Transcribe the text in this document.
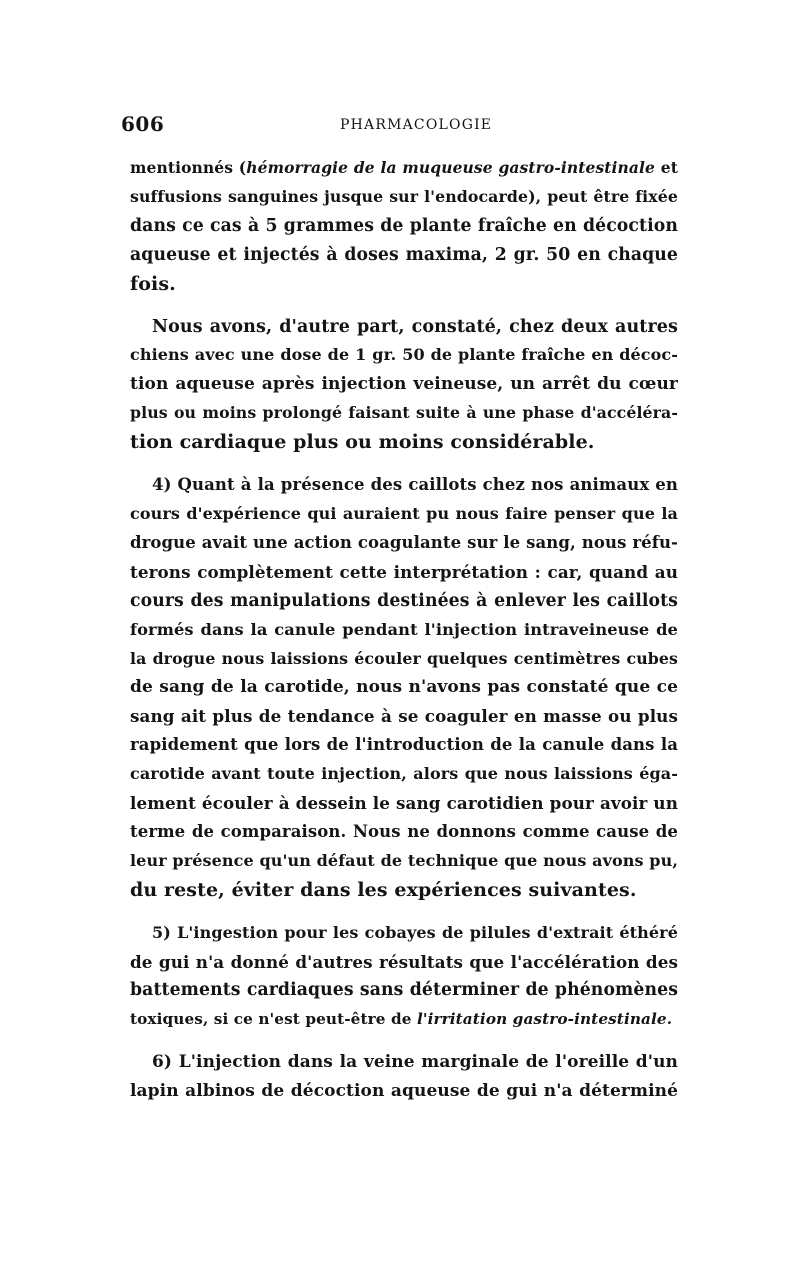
606	PHARMACOLOGIE
mentionnés (hémorragie de la muqueuse gastro-intestinale et
suffusions sanguines jusque sur l'endocarde), peut être fixée
dans ce cas à 5 grammes de plante fraîche en décoction
aqueuse et injectés à doses maxima, 2 gr. 50 en chaque
fois.
Nous avons, d'autre part, constaté, chez deux autres
chiens avec une dose de 1 gr. 50 de plante fraîche en décoc-
tion aqueuse après injection veineuse, un arrêt du cœur
plus ou moins prolongé faisant suite à une phase d'accéléra-
tion cardiaque plus ou moins considérable.
4) Quant à la présence des caillots chez nos animaux en
cours d'expérience qui auraient pu nous faire penser que la
drogue avait une action coagulante sur le sang, nous réfu-
terons complètement cette interprétation : car, quand au
cours des manipulations destinées à enlever les caillots
formés dans la canule pendant l'injection intraveineuse de
la drogue nous laissions écouler quelques centimètres cubes
de sang de la carotide, nous n'avons pas constaté que ce
sang ait plus de tendance à se coaguler en masse ou plus
rapidement que lors de l'introduction de la canule dans la
carotide avant toute injection, alors que nous laissions éga-
lement écouler à dessein le sang carotidien pour avoir un
terme de comparaison. Nous ne donnons comme cause de
leur présence qu'un défaut de technique que nous avons pu,
du reste, éviter dans les expériences suivantes.
5) L'ingestion pour les cobayes de pilules d'extrait éthéré
de gui n'a donné d'autres résultats que l'accélération des
battements cardiaques sans déterminer de phénomènes
toxiques, si ce n'est peut-être de l'irritation gastro-intestinale.
6) L'injection dans la veine marginale de l'oreille d'un
lapin albinos de décoction aqueuse de gui n'a déterminé
